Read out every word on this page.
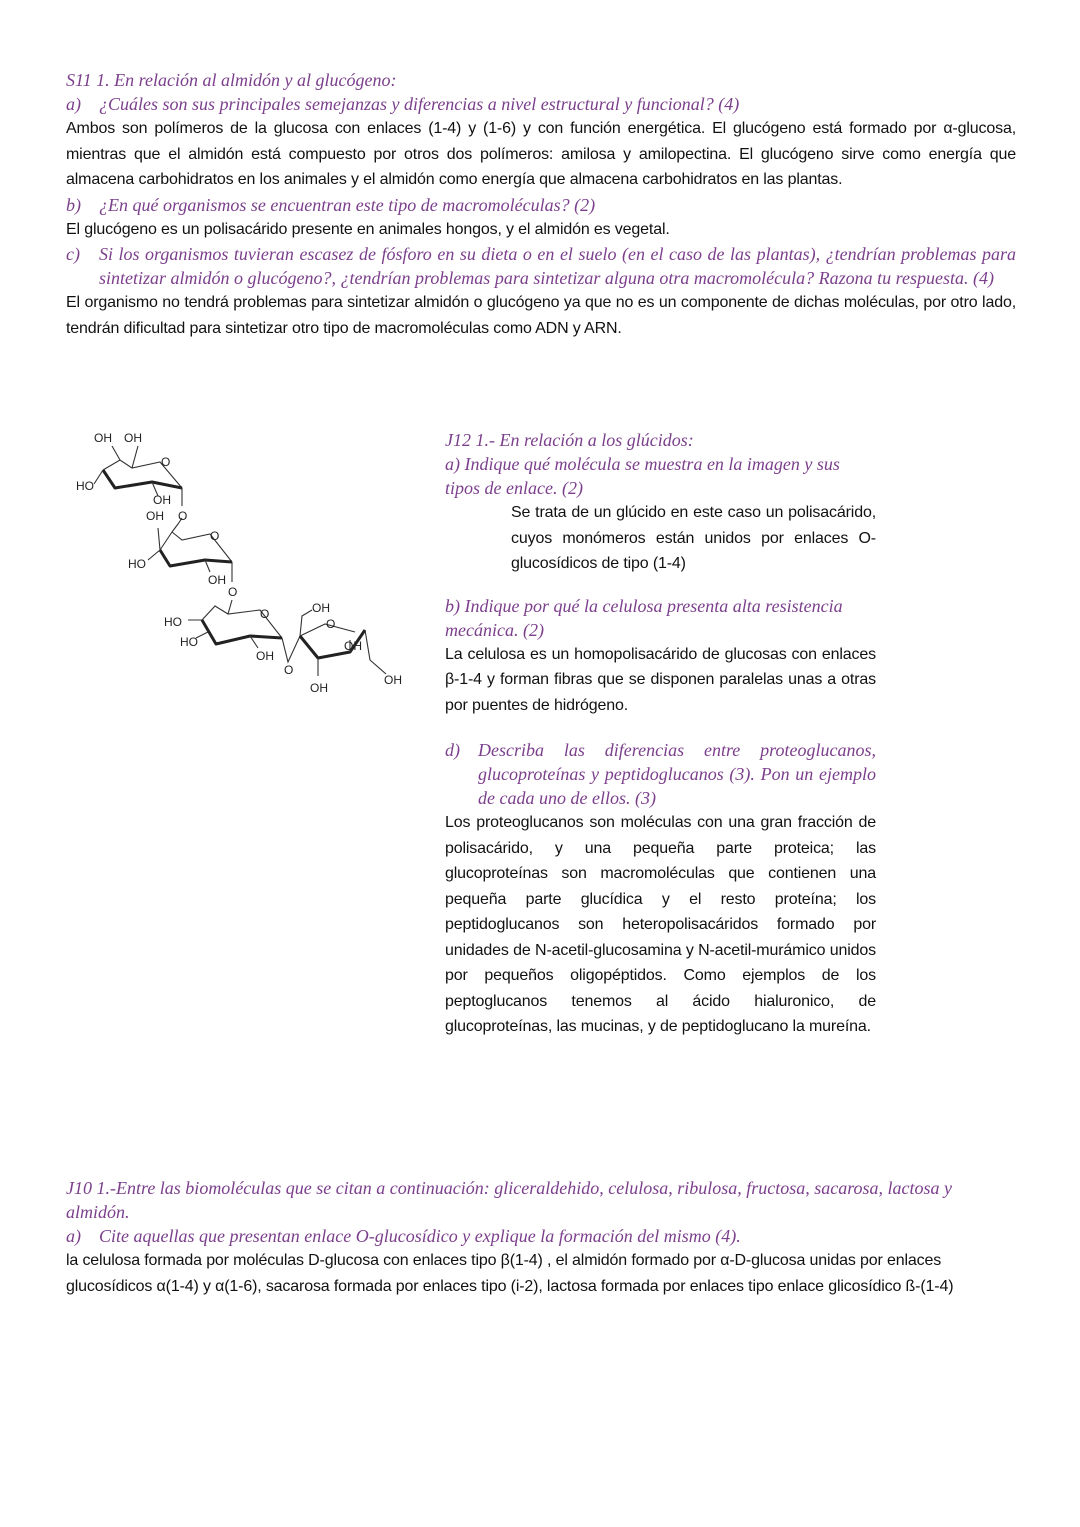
S11 1. En relación al almidón y al glucógeno:
a) ¿Cuáles son sus principales semejanzas y diferencias a nivel estructural y funcional? (4)
Ambos son polímeros de la glucosa con enlaces (1-4) y (1-6) y con función energética. El glucógeno está formado por α-glucosa, mientras que el almidón está compuesto por otros dos polímeros: amilosa y amilopectina. El glucógeno sirve como energía que almacena carbohidratos en los animales y el almidón como energía que almacena carbohidratos en las plantas.
b) ¿En qué organismos se encuentran este tipo de macromoléculas? (2)
El glucógeno es un polisacárido presente en animales hongos, y el almidón es vegetal.
c) Si los organismos tuvieran escasez de fósforo en su dieta o en el suelo (en el caso de las plantas), ¿tendrían problemas para sintetizar almidón o glucógeno?, ¿tendrían problemas para sintetizar alguna otra macromolécula? Razona tu respuesta. (4)
El organismo no tendrá problemas para sintetizar almidón o glucógeno ya que no es un componente de dichas moléculas, por otro lado, tendrán dificultad para sintetizar otro tipo de macromoléculas como ADN y ARN.
OH OH
HO
OH
O
O
OH
O
HO
OH
O
O	OH
HO
HO
OH
OH
O
OH
OH
O
J12 1.- En relación a los glúcidos:
a) Indique qué molécula se muestra en la imagen y sus tipos de enlace. (2)
Se trata de un glúcido en este caso un polisacárido, cuyos monómeros están unidos por enlaces O-glucosídicos de tipo (1-4)
b) Indique por qué la celulosa presenta alta resistencia mecánica. (2)
La celulosa es un homopolisacárido de glucosas con enlaces β-1-4 y forman fibras que se disponen paralelas unas a otras por puentes de hidrógeno.
d) Describa las diferencias entre proteoglucanos, glucoproteínas y peptidoglucanos (3). Pon un ejemplo de cada uno de ellos. (3)
Los proteoglucanos son moléculas con una gran fracción de polisacárido, y una pequeña parte proteica; las glucoproteínas son macromoléculas que contienen una pequeña parte glucídica y el resto proteína; los peptidoglucanos son heteropolisacáridos formado por unidades de N-acetil-glucosamina y N-acetil-murámico unidos por pequeños oligopéptidos. Como ejemplos de los peptoglucanos tenemos al ácido hialuronico, de glucoproteínas, las mucinas, y de peptidoglucano la mureína.
J10 1.-Entre las biomoléculas que se citan a continuación: gliceraldehido, celulosa, ribulosa, fructosa, sacarosa, lactosa y almidón.
a) Cite aquellas que presentan enlace O-glucosídico y explique la formación del mismo (4).
la celulosa formada por moléculas D-glucosa con enlaces tipo β(1-4) , el almidón formado por α-D-glucosa unidas por enlaces glucosídicos α(1-4) y α(1-6), sacarosa formada por enlaces tipo (i-2), lactosa formada por enlaces tipo enlace glicosídico ß-(1-4)
